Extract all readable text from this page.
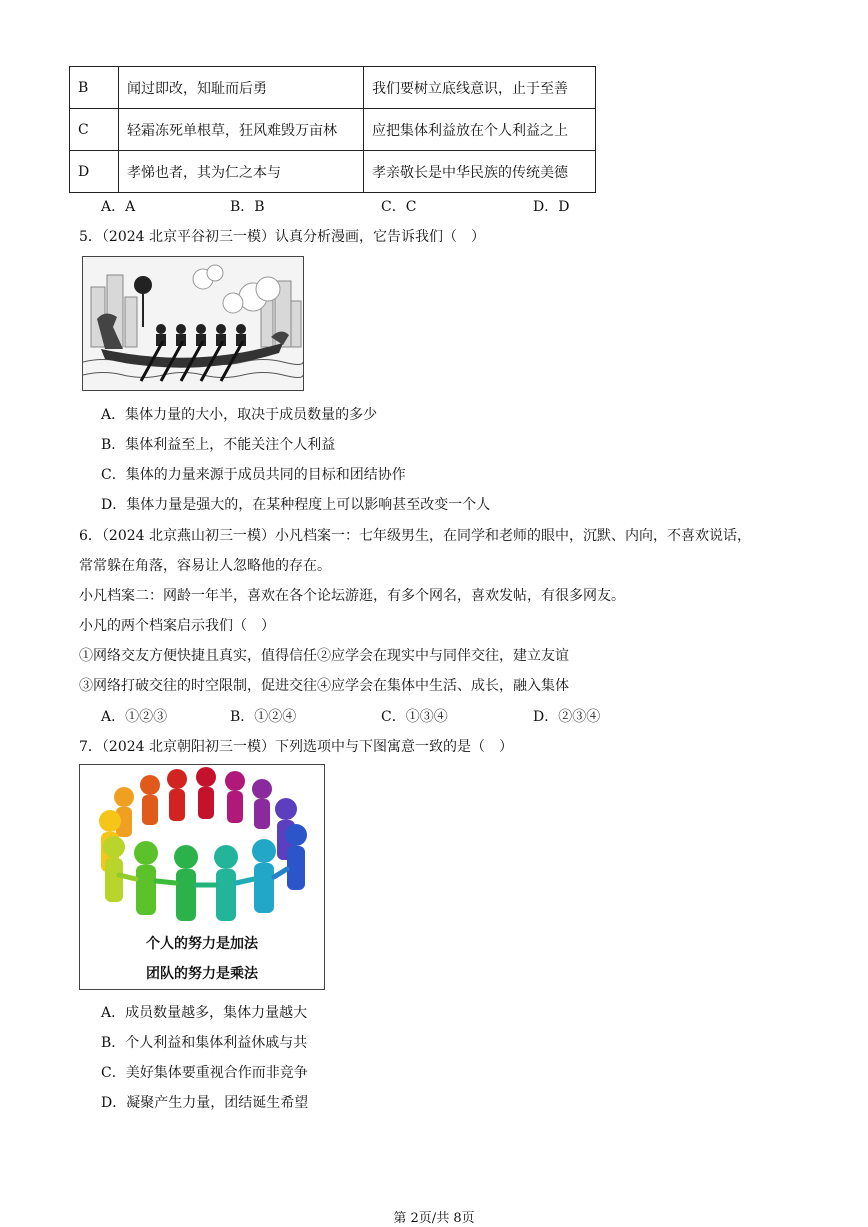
B	闻过即改，知耻而后勇	我们要树立底线意识，止于至善
C	轻霜冻死单根草，狂风难毁万亩林	应把集体利益放在个人利益之上
D	孝悌也者，其为仁之本与	孝亲敬长是中华民族的传统美德
A．A	B．B	C．C	D．D
5．（2024 北京平谷初三一模）认真分析漫画，它告诉我们（　）
A．集体力量的大小，取决于成员数量的多少
B．集体利益至上，不能关注个人利益
C．集体的力量来源于成员共同的目标和团结协作
D．集体力量是强大的，在某种程度上可以影响甚至改变一个人
6．（2024 北京燕山初三一模）小凡档案一：七年级男生，在同学和老师的眼中，沉默、内向，不喜欢说话，
常常躲在角落，容易让人忽略他的存在。
小凡档案二：网龄一年半，喜欢在各个论坛游逛，有多个网名，喜欢发帖，有很多网友。
小凡的两个档案启示我们（　）
①网络交友方便快捷且真实，值得信任②应学会在现实中与同伴交往，建立友谊
③网络打破交往的时空限制，促进交往④应学会在集体中生活、成长，融入集体
A．①②③	B．①②④	C．①③④	D．②③④
7．（2024 北京朝阳初三一模）下列选项中与下图寓意一致的是（　）
个人的努力是加法
团队的努力是乘法
A．成员数量越多，集体力量越大
B．个人利益和集体利益休戚与共
C．美好集体要重视合作而非竞争
D．凝聚产生力量，团结诞生希望
第 2页/共 8页
